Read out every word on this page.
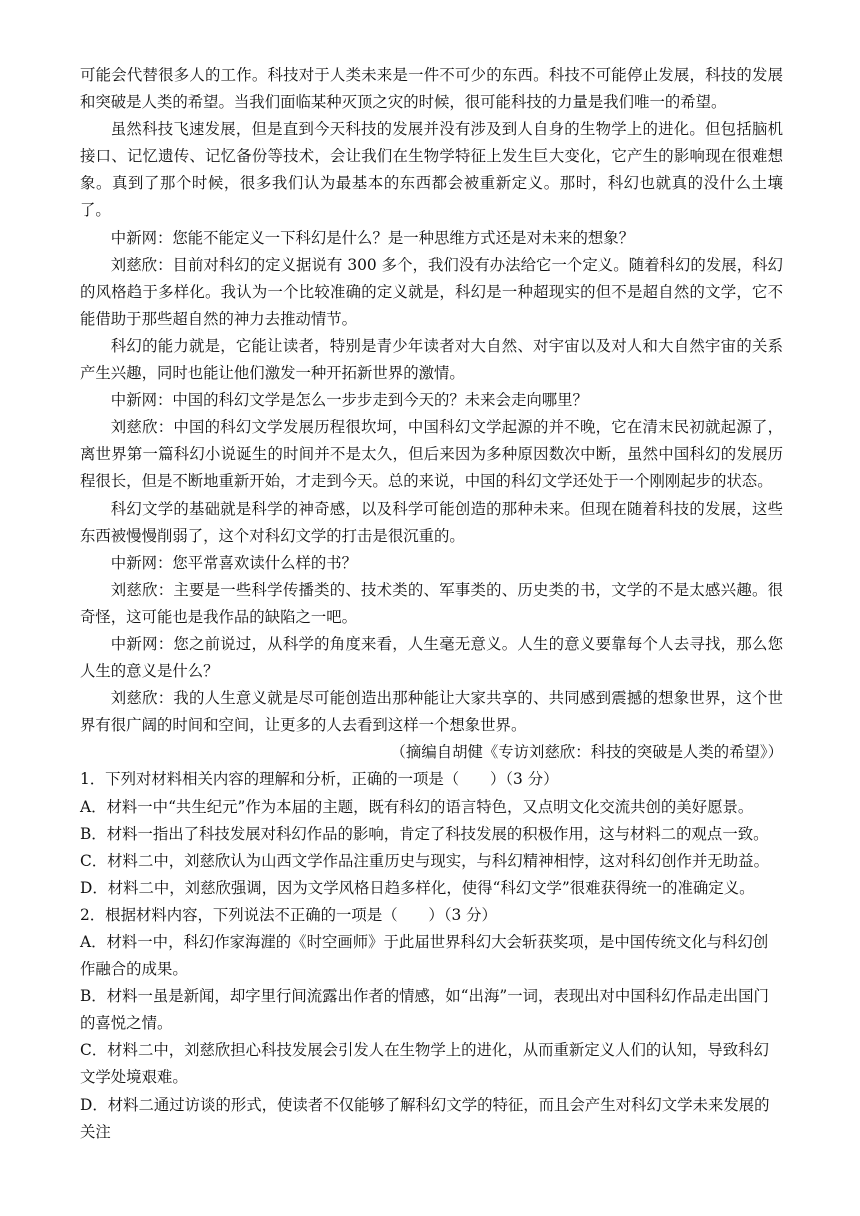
可能会代替很多人的工作。科技对于人类未来是一件不可少的东西。科技不可能停止发展，科技的发展和突破是人类的希望。当我们面临某种灭顶之灾的时候，很可能科技的力量是我们唯一的希望。

虽然科技飞速发展，但是直到今天科技的发展并没有涉及到人自身的生物学上的进化。但包括脑机接口、记忆遗传、记忆备份等技术，会让我们在生物学特征上发生巨大变化，它产生的影响现在很难想象。真到了那个时候，很多我们认为最基本的东西都会被重新定义。那时，科幻也就真的没什么土壤了。

中新网：您能不能定义一下科幻是什么？是一种思维方式还是对未来的想象？

刘慈欣：目前对科幻的定义据说有 300 多个，我们没有办法给它一个定义。随着科幻的发展，科幻的风格趋于多样化。我认为一个比较准确的定义就是，科幻是一种超现实的但不是超自然的文学，它不能借助于那些超自然的神力去推动情节。

科幻的能力就是，它能让读者，特别是青少年读者对大自然、对宇宙以及对人和大自然宇宙的关系产生兴趣，同时也能让他们激发一种开拓新世界的激情。

中新网：中国的科幻文学是怎么一步步走到今天的？未来会走向哪里？

刘慈欣：中国的科幻文学发展历程很坎坷，中国科幻文学起源的并不晚，它在清末民初就起源了，离世界第一篇科幻小说诞生的时间并不是太久，但后来因为多种原因数次中断，虽然中国科幻的发展历程很长，但是不断地重新开始，才走到今天。总的来说，中国的科幻文学还处于一个刚刚起步的状态。

科幻文学的基础就是科学的神奇感，以及科学可能创造的那种未来。但现在随着科技的发展，这些东西被慢慢削弱了，这个对科幻文学的打击是很沉重的。

中新网：您平常喜欢读什么样的书？

刘慈欣：主要是一些科学传播类的、技术类的、军事类的、历史类的书，文学的不是太感兴趣。很奇怪，这可能也是我作品的缺陷之一吧。

中新网：您之前说过，从科学的角度来看，人生毫无意义。人生的意义要靠每个人去寻找，那么您人生的意义是什么？

刘慈欣：我的人生意义就是尽可能创造出那种能让大家共享的、共同感到震撼的想象世界，这个世界有很广阔的时间和空间，让更多的人去看到这样一个想象世界。

（摘编自胡健《专访刘慈欣：科技的突破是人类的希望》）

1．下列对材料相关内容的理解和分析，正确的一项是（　　）（3 分）

A．材料一中“共生纪元”作为本届的主题，既有科幻的语言特色，又点明文化交流共创的美好愿景。

B．材料一指出了科技发展对科幻作品的影响，肯定了科技发展的积极作用，这与材料二的观点一致。

C．材料二中，刘慈欣认为山西文学作品注重历史与现实，与科幻精神相悖，这对科幻创作并无助益。

D．材料二中，刘慈欣强调，因为文学风格日趋多样化，使得“科幻文学”很难获得统一的准确定义。

2．根据材料内容，下列说法不正确的一项是（　　）（3 分）

A．材料一中，科幻作家海漄的《时空画师》于此届世界科幻大会斩获奖项，是中国传统文化与科幻创作融合的成果。

B．材料一虽是新闻，却字里行间流露出作者的情感，如“出海”一词，表现出对中国科幻作品走出国门的喜悦之情。

C．材料二中，刘慈欣担心科技发展会引发人在生物学上的进化，从而重新定义人们的认知，导致科幻文学处境艰难。

D．材料二通过访谈的形式，使读者不仅能够了解科幻文学的特征，而且会产生对科幻文学未来发展的关注
